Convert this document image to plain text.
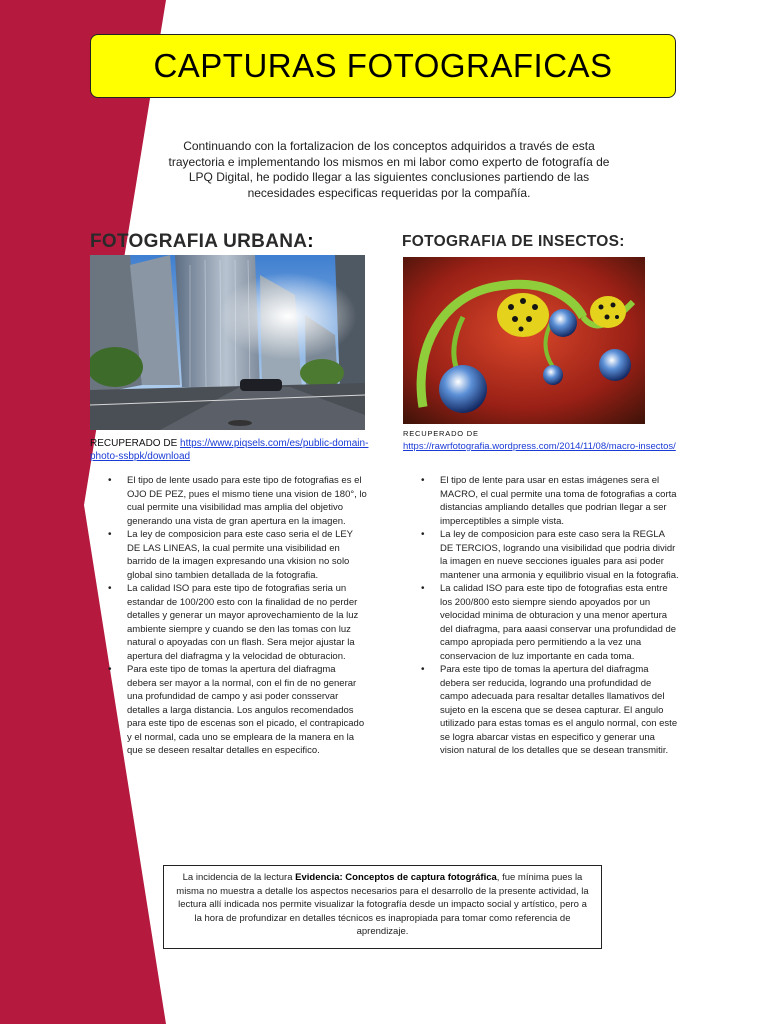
CAPTURAS FOTOGRAFICAS

Continuando con la fortalizacion de los conceptos adquiridos a través de esta trayectoria e implementando los mismos en mi labor como experto de fotografía de LPQ Digital, he podido llegar a las siguientes conclusiones partiendo de las necesidades especificas requeridas por la compañía.

FOTOGRAFIA URBANA:
RECUPERADO DE https://www.piqsels.com/es/public-domain-photo-ssbpk/download
• El tipo de lente usado para este tipo de fotografias es el OJO DE PEZ, pues el mismo tiene una vision de 180°, lo cual permite una visibilidad mas amplia del objetivo generando una vista de gran apertura en la imagen.
• La ley de composicion para este caso seria el de LEY DE LAS LINEAS, la cual permite una visibilidad en barrido de la imagen expresando una vkision no solo global sino tambien detallada de la fotografia.
• La calidad ISO para este tipo de fotografias seria un estandar de 100/200 esto con la finalidad de no perder detalles y generar un mayor aprovechamiento de la luz ambiente siempre y cuando se den las tomas con luz natural o apoyadas con un flash. Sera mejor ajustar la apertura del diafragma y la velocidad de obturacion.
• Para este tipo de tomas la apertura del diafragma debera ser mayor a la normal, con el fin de no generar una profundidad de campo y asi poder consservar detalles a larga distancia. Los angulos recomendados para este tipo de escenas son el picado, el contrapicado y el normal, cada uno se empleara de la manera en la que se deseen resaltar detalles en especifico.
FOTOGRAFIA DE INSECTOS:
RECUPERADO DE
https://rawrfotografia.wordpress.com/2014/11/08/macro-insectos/
• El tipo de lente para usar en estas imágenes sera el MACRO, el cual permite una toma de fotografias a corta distancias ampliando detalles que podrian llegar a ser imperceptibles a simple vista.
• La ley de composicion para este caso sera la REGLA DE TERCIOS, logrando una visibilidad que podria dividr la imagen en nueve secciones iguales para asi poder mantener una armonia y equilibrio visual en la fotografia.
• La calidad ISO para este tipo de fotografias esta entre los 200/800 esto siempre siendo apoyados por un velocidad minima de obturacion y una menor apertura del diafragma, para aaasi conservar una profundidad de campo apropiada pero permitiendo a la vez una conservacion de luz importante en cada toma.
• Para este tipo de tomas la apertura del diafragma debera ser reducida, logrando una profundidad de campo adecuada para resaltar detalles llamativos del sujeto en la escena que se desea capturar. El angulo utilizado para estas tomas es el angulo normal, con este se logra abarcar vistas en especifico y generar una vision natural de los detalles que se desean transmitir.
La incidencia de la lectura Evidencia: Conceptos de captura fotográfica, fue mínima pues la misma no muestra a detalle los aspectos necesarios para el desarrollo de la presente actividad, la lectura allí indicada nos permite visualizar la fotografía desde un impacto social y artístico, pero a la hora de profundizar en detalles técnicos es inapropiada para tomar como referencia de aprendizaje.
